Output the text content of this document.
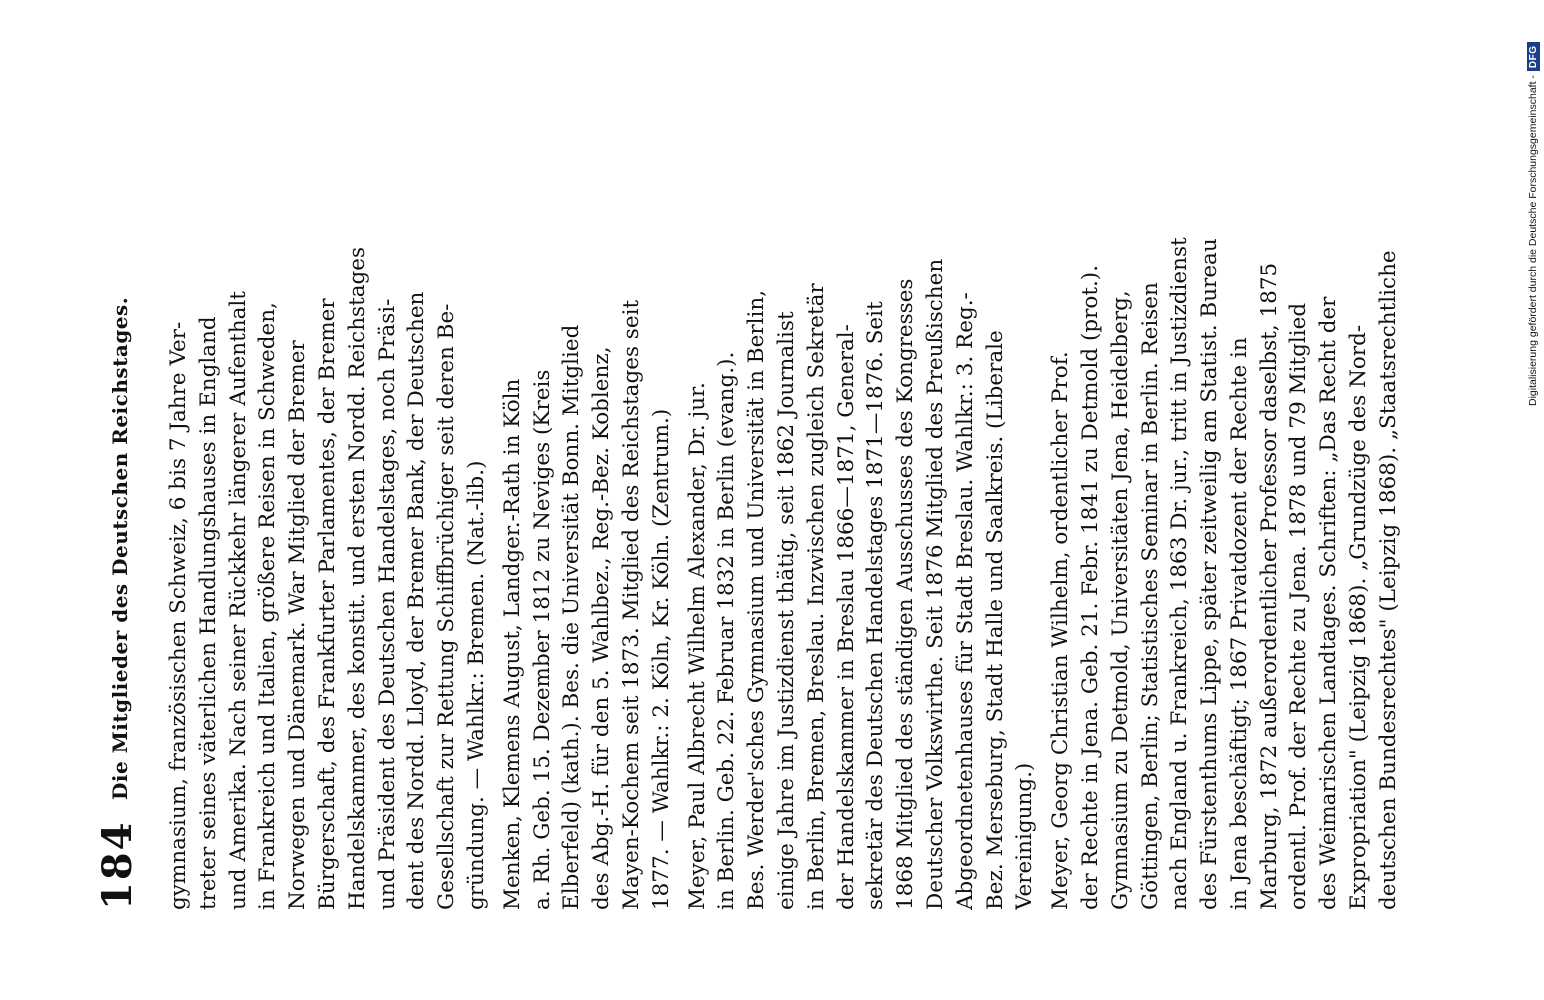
184
Die Mitglieder des Deutschen Reichstages. gymnasium, französischen Schweiz, 6 bis 7 Jahre Ver- treter seines väterlichen Handlungshauses in England und Amerika. Nach seiner Rückkehr längerer Aufenthalt in Frankreich und Italien, größere Reisen in Schweden, Norwegen und Dänemark. War Mitglied der Bremer Bürgerschaft, des Frankfurter Parlamentes, der Bremer Handelskammer, des konstit. und ersten Nordd. Reichstages und Präsident des Deutschen Handelstages, noch Präsi- dent des Nordd. Lloyd, der Bremer Bank, der Deutschen Gesellschaft zur Rettung Schiffbrüchiger seit deren Be- gründung. — Wahlkr.: Bremen. (Nat.-lib.) Menken, Klemens August, Landger.-Rath in Köln a. Rh. Geb. 15. Dezember 1812 zu Neviges (Kreis Elberfeld) (kath.). Bes. die Universität Bonn. Mitglied des Abg.-H. für den 5. Wahlbez., Reg.-Bez. Koblenz, Mayen-Kochem seit 1873. Mitglied des Reichstages seit 1877. — Wahlkr.: 2. Köln, Kr. Köln. (Zentrum.) Meyer, Paul Albrecht Wilhelm Alexander, Dr. jur. in Berlin. Geb. 22. Februar 1832 in Berlin (evang.). Bes. Werder'sches Gymnasium und Universität in Berlin, einige Jahre im Justizdienst thätig, seit 1862 Journalist in Berlin, Bremen, Breslau. Inzwischen zugleich Sekretär der Handelskammer in Breslau 1866—1871, General- sekretär des Deutschen Handelstages 1871—1876. Seit 1868 Mitglied des ständigen Ausschusses des Kongresses Deutscher Volkswirthe. Seit 1876 Mitglied des Preußischen Abgeordnetenhauses für Stadt Breslau. Wahlkr.: 3. Reg.- Bez. Merseburg, Stadt Halle und Saalkreis. (Liberale Vereinigung.) Meyer, Georg Christian Wilhelm, ordentlicher Prof. der Rechte in Jena. Geb. 21. Febr. 1841 zu Detmold (prot.). Gymnasium zu Detmold, Universitäten Jena, Heidelberg, Göttingen, Berlin; Statistisches Seminar in Berlin. Reisen nach England u. Frankreich, 1863 Dr. jur., tritt in Justizdienst des Fürstenthums Lippe, später zeitweilig am Statist. Bureau in Jena beschäftigt; 1867 Privatdozent der Rechte in Marburg, 1872 außerordentlicher Professor daselbst, 1875 ordentl. Prof. der Rechte zu Jena. 1878 und 79 Mitglied des Weimarischen Landtages. Schriften: „Das Recht der Expropriation" (Leipzig 1868). „Grundzüge des Nord- deutschen Bundesrechtes" (Leipzig 1868). „Staatsrechtliche
Digitalisierung gefördert durch die Deutsche Forschungsgemeinschaft -
DFG
